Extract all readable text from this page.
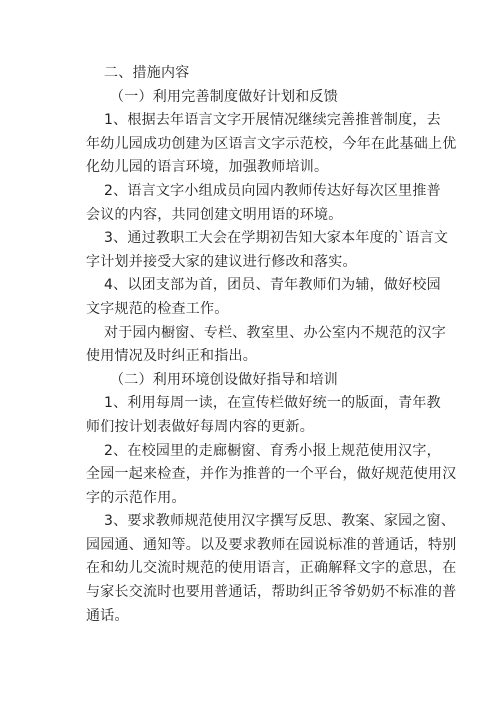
二、措施内容
（一）利用完善制度做好计划和反馈
1、根据去年语言文字开展情况继续完善推普制度，去
年幼儿园成功创建为区语言文字示范校，今年在此基础上优
化幼儿园的语言环境，加强教师培训。
2、语言文字小组成员向园内教师传达好每次区里推普
会议的内容，共同创建文明用语的环境。
3、通过教职工大会在学期初告知大家本年度的`语言文
字计划并接受大家的建议进行修改和落实。
4、以团支部为首，团员、青年教师们为辅，做好校园
文字规范的检查工作。
对于园内橱窗、专栏、教室里、办公室内不规范的汉字
使用情况及时纠正和指出。
（二）利用环境创设做好指导和培训
1、利用每周一读，在宣传栏做好统一的版面，青年教
师们按计划表做好每周内容的更新。
2、在校园里的走廊橱窗、育秀小报上规范使用汉字，
全园一起来检查，并作为推普的一个平台，做好规范使用汉
字的示范作用。
3、要求教师规范使用汉字撰写反思、教案、家园之窗、
园园通、通知等。以及要求教师在园说标准的普通话，特别
在和幼儿交流时规范的使用语言，正确解释文字的意思，在
与家长交流时也要用普通话，帮助纠正爷爷奶奶不标准的普
通话。
